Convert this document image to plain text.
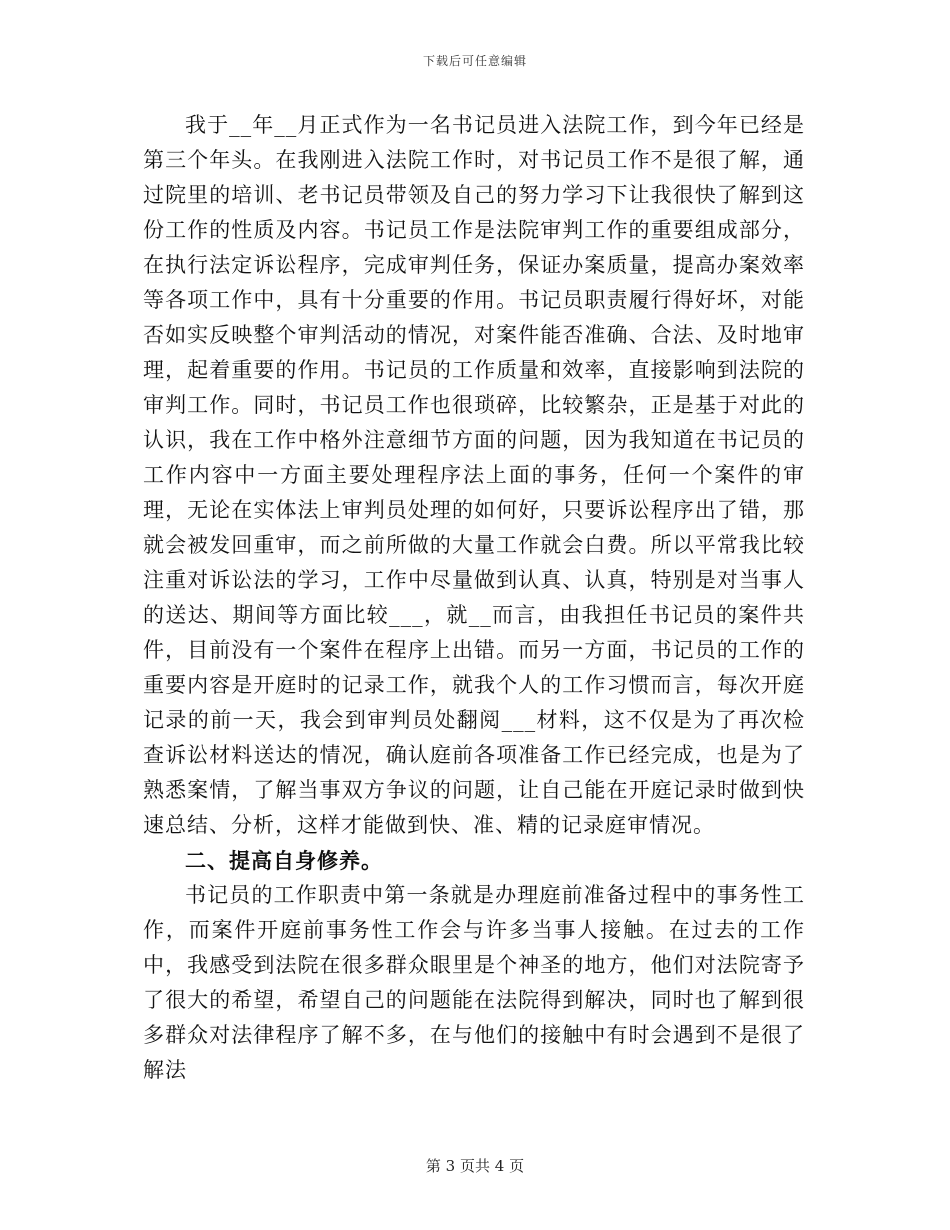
下载后可任意编辑

我于__年__月正式作为一名书记员进入法院工作，到今年已经是第三个年头。在我刚进入法院工作时，对书记员工作不是很了解，通过院里的培训、老书记员带领及自己的努力学习下让我很快了解到这份工作的性质及内容。书记员工作是法院审判工作的重要组成部分，在执行法定诉讼程序，完成审判任务，保证办案质量，提高办案效率等各项工作中，具有十分重要的作用。书记员职责履行得好坏，对能否如实反映整个审判活动的情况，对案件能否准确、合法、及时地审理，起着重要的作用。书记员的工作质量和效率，直接影响到法院的审判工作。同时，书记员工作也很琐碎，比较繁杂，正是基于对此的认识，我在工作中格外注意细节方面的问题，因为我知道在书记员的工作内容中一方面主要处理程序法上面的事务，任何一个案件的审理，无论在实体法上审判员处理的如何好，只要诉讼程序出了错，那就会被发回重审，而之前所做的大量工作就会白费。所以平常我比较注重对诉讼法的学习，工作中尽量做到认真、认真，特别是对当事人的送达、期间等方面比较___，就__而言，由我担任书记员的案件共件，目前没有一个案件在程序上出错。而另一方面，书记员的工作的重要内容是开庭时的记录工作，就我个人的工作习惯而言，每次开庭记录的前一天，我会到审判员处翻阅___材料，这不仅是为了再次检查诉讼材料送达的情况，确认庭前各项准备工作已经完成，也是为了熟悉案情，了解当事双方争议的问题，让自己能在开庭记录时做到快速总结、分析，这样才能做到快、准、精的记录庭审情况。

二、提高自身修养。

书记员的工作职责中第一条就是办理庭前准备过程中的事务性工作，而案件开庭前事务性工作会与许多当事人接触。在过去的工作中，我感受到法院在很多群众眼里是个神圣的地方，他们对法院寄予了很大的希望，希望自己的问题能在法院得到解决，同时也了解到很多群众对法律程序了解不多，在与他们的接触中有时会遇到不是很了解法

第 3 页共 4 页
